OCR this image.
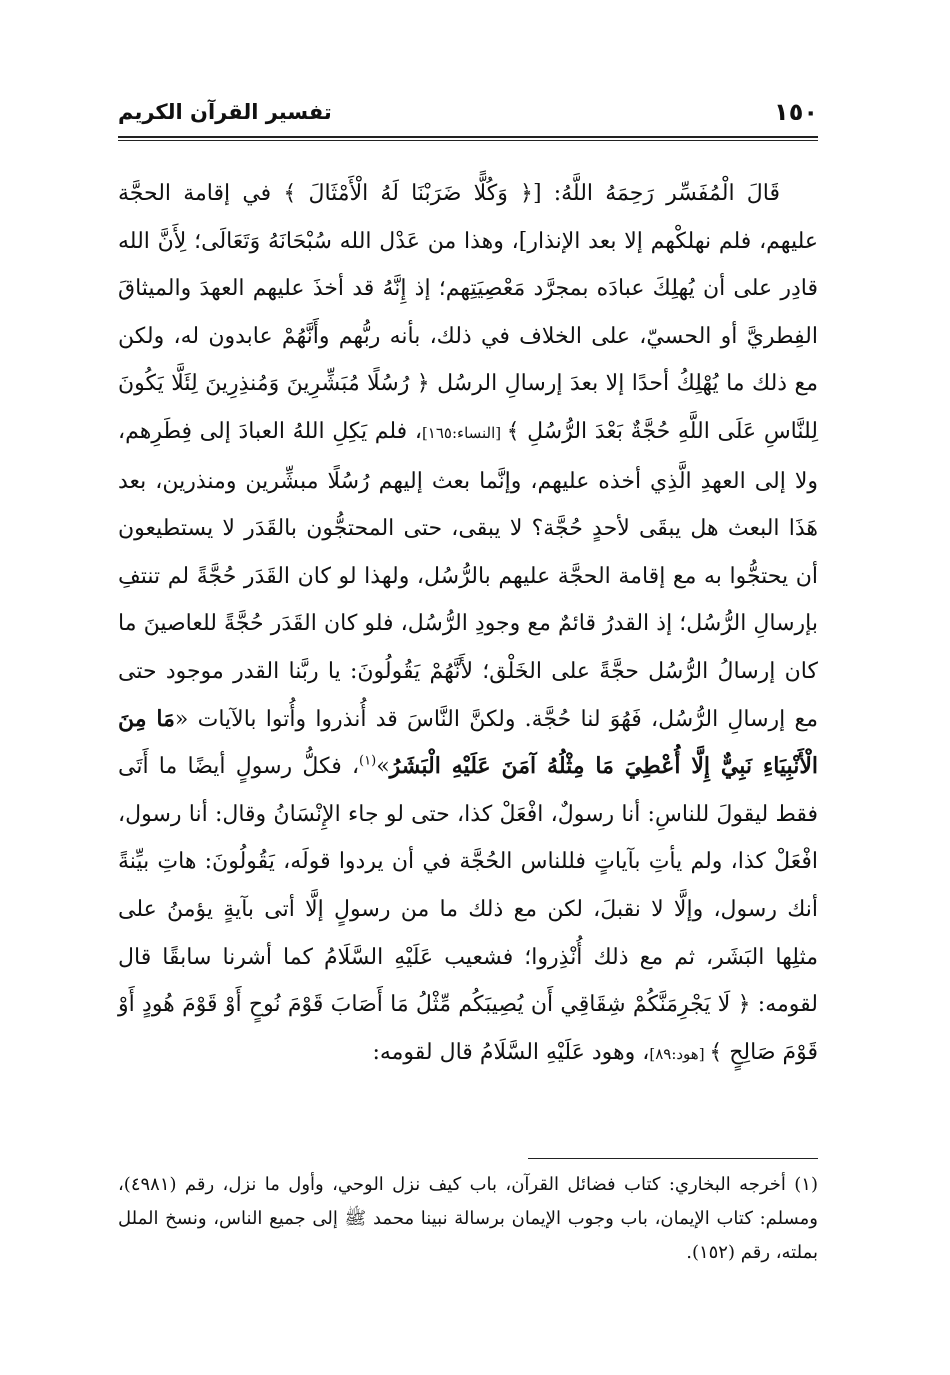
١٥٠
تفسير القرآن الكريم

قَالَ الْمُفَسِّر رَحِمَهُ اللَّهُ: [﴿ وَكُلًّا ضَرَبْنَا لَهُ الْأَمْثَالَ ﴾ في إقامة الحجَّة عليهم، فلم نهلكْهم إلا بعد الإنذار]، وهذا من عَدْل الله سُبْحَانَهُ وَتَعَالَى؛ لِأَنَّ الله قادِر على أن يُهلِكَ عبادَه بمجرَّد مَعْصِيَتِهم؛ إذ إِنَّهُ قد أخذَ عليهم العهدَ والميثاقَ الفِطريَّ أو الحسيّ، على الخلاف في ذلك، بأنه ربُّهم وأَنَّهُمْ عابدون له، ولكن مع ذلك ما يُهْلِكُ أحدًا إلا بعدَ إرسالِ الرسُل ﴿ رُسُلًا مُبَشِّرِينَ وَمُنذِرِينَ لِئَلَّا يَكُونَ لِلنَّاسِ عَلَى اللَّهِ حُجَّةٌ بَعْدَ الرُّسُلِ ﴾ [النساء:١٦٥]، فلم يَكِلِ اللهُ العبادَ إلى فِطَرِهم، ولا إلى العهدِ الَّذِي أخذه عليهم، وإنَّما بعث إليهم رُسُلًا مبشِّرين ومنذرين، بعد هَذَا البعث هل يبقَى لأحدٍ حُجَّة؟ لا يبقى، حتى المحتجُّون بالقَدَر لا يستطيعون أن يحتجُّوا به مع إقامة الحجَّة عليهم بالرُّسُل، ولهذا لو كان القَدَر حُجَّةً لم تنتفِ بإرسالِ الرُّسُل؛ إذ القدرُ قائمٌ مع وجودِ الرُّسُل، فلو كان القَدَر حُجَّةً للعاصينَ ما كان إرسالُ الرُّسُل حجَّةً على الخَلْق؛ لأَنَّهُمْ يَقُولُونَ: يا ربَّنا القدر موجود حتى مع إرسالِ الرُّسُل، فَهُوَ لنا حُجَّة. ولكنَّ النَّاسَ قد أُنذروا وأُتوا بالآيات «مَا مِنَ الْأَنْبِيَاءِ نَبِيٌّ إِلَّا أُعْطِيَ مَا مِثْلُهُ آمَنَ عَلَيْهِ الْبَشَرُ»$^{(١)}$، فكلُّ رسولٍ أيضًا ما أَتَى فقط ليقولَ للناسِ: أنا رسولٌ، افْعَلْ كذا، حتى لو جاء الإِنْسَانُ وقال: أنا رسول، افْعَلْ كذا، ولم يأتِ بآياتٍ فللناس الحُجَّة في أن يردوا قولَه، يَقُولُونَ: هاتِ بيِّنةً أنك رسول، وإلَّا لا نقبلَ، لكن مع ذلك ما من رسولٍ إلَّا أتى بآيةٍ يؤمنُ على مثلِها البَشَر، ثم مع ذلك أُنْذِروا؛ فشعيب عَلَيْهِ السَّلَامُ كما أشرنا سابقًا قال لقومه: ﴿ لَا يَجْرِمَنَّكُمْ شِقَاقِي أَن يُصِيبَكُم مِّثْلُ مَا أَصَابَ قَوْمَ نُوحٍ أَوْ قَوْمَ هُودٍ أَوْ قَوْمَ صَالِحٍ ﴾ [هود:٨٩]، وهود عَلَيْهِ السَّلَامُ قال لقومه:

(١) أخرجه البخاري: كتاب فضائل القرآن، باب كيف نزل الوحي، وأول ما نزل، رقم (٤٩٨١)، ومسلم: كتاب الإيمان، باب وجوب الإيمان برسالة نبينا محمد ﷺ إلى جميع الناس، ونسخ الملل بملته، رقم (١٥٢).
